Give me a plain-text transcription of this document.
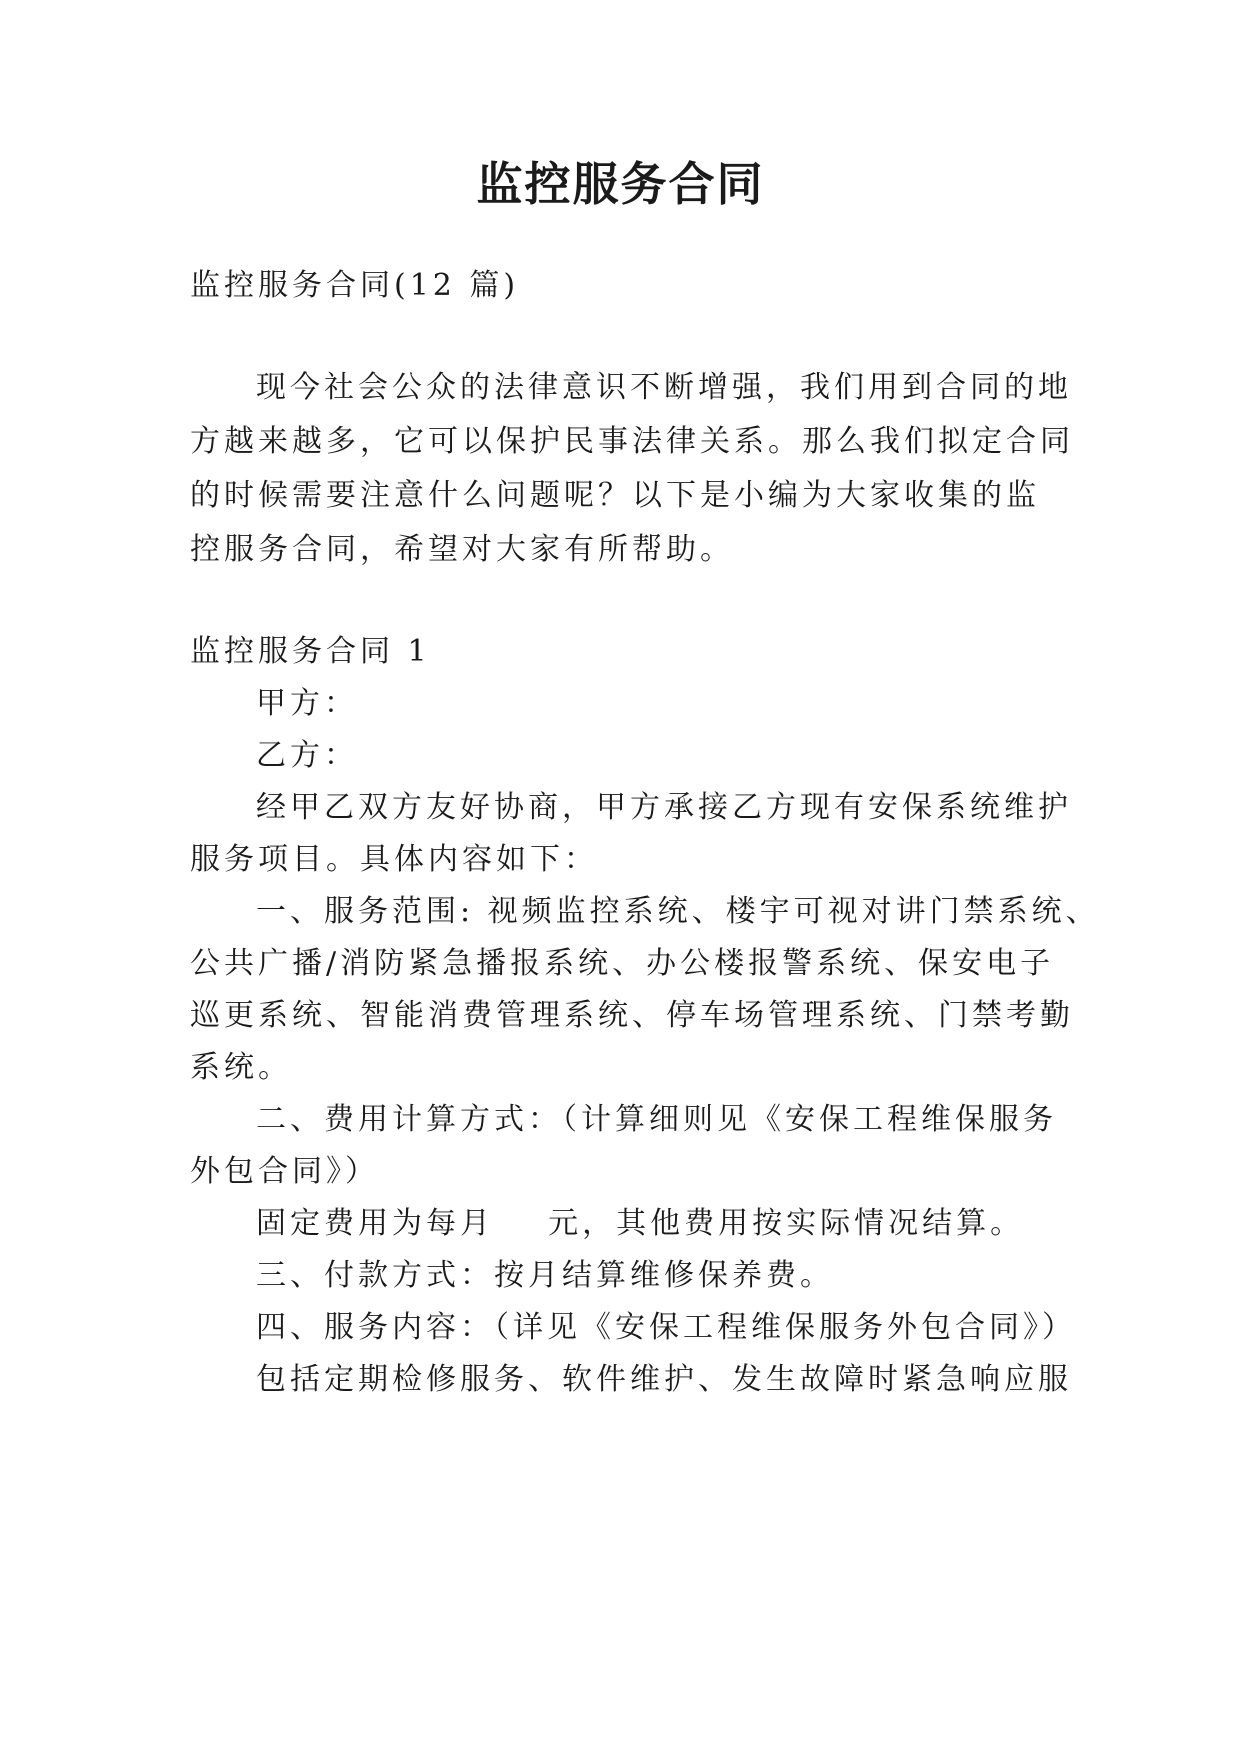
监控服务合同
监控服务合同(12 篇)
现今社会公众的法律意识不断增强，我们用到合同的地
方越来越多，它可以保护民事法律关系。那么我们拟定合同
的时候需要注意什么问题呢？以下是小编为大家收集的监
控服务合同，希望对大家有所帮助。
监控服务合同 1
甲方：
乙方：
经甲乙双方友好协商，甲方承接乙方现有安保系统维护
服务项目。具体内容如下：
一、服务范围: 视频监控系统、楼宇可视对讲门禁系统、
公共广播/消防紧急播报系统、办公楼报警系统、保安电子
巡更系统、智能消费管理系统、停车场管理系统、门禁考勤
系统。
二、费用计算方式：（计算细则见《安保工程维保服务
外包合同》）
固定费用为每月    元，其他费用按实际情况结算。
三、付款方式：按月结算维修保养费。
四、服务内容：（详见《安保工程维保服务外包合同》）
包括定期检修服务、软件维护、发生故障时紧急响应服
